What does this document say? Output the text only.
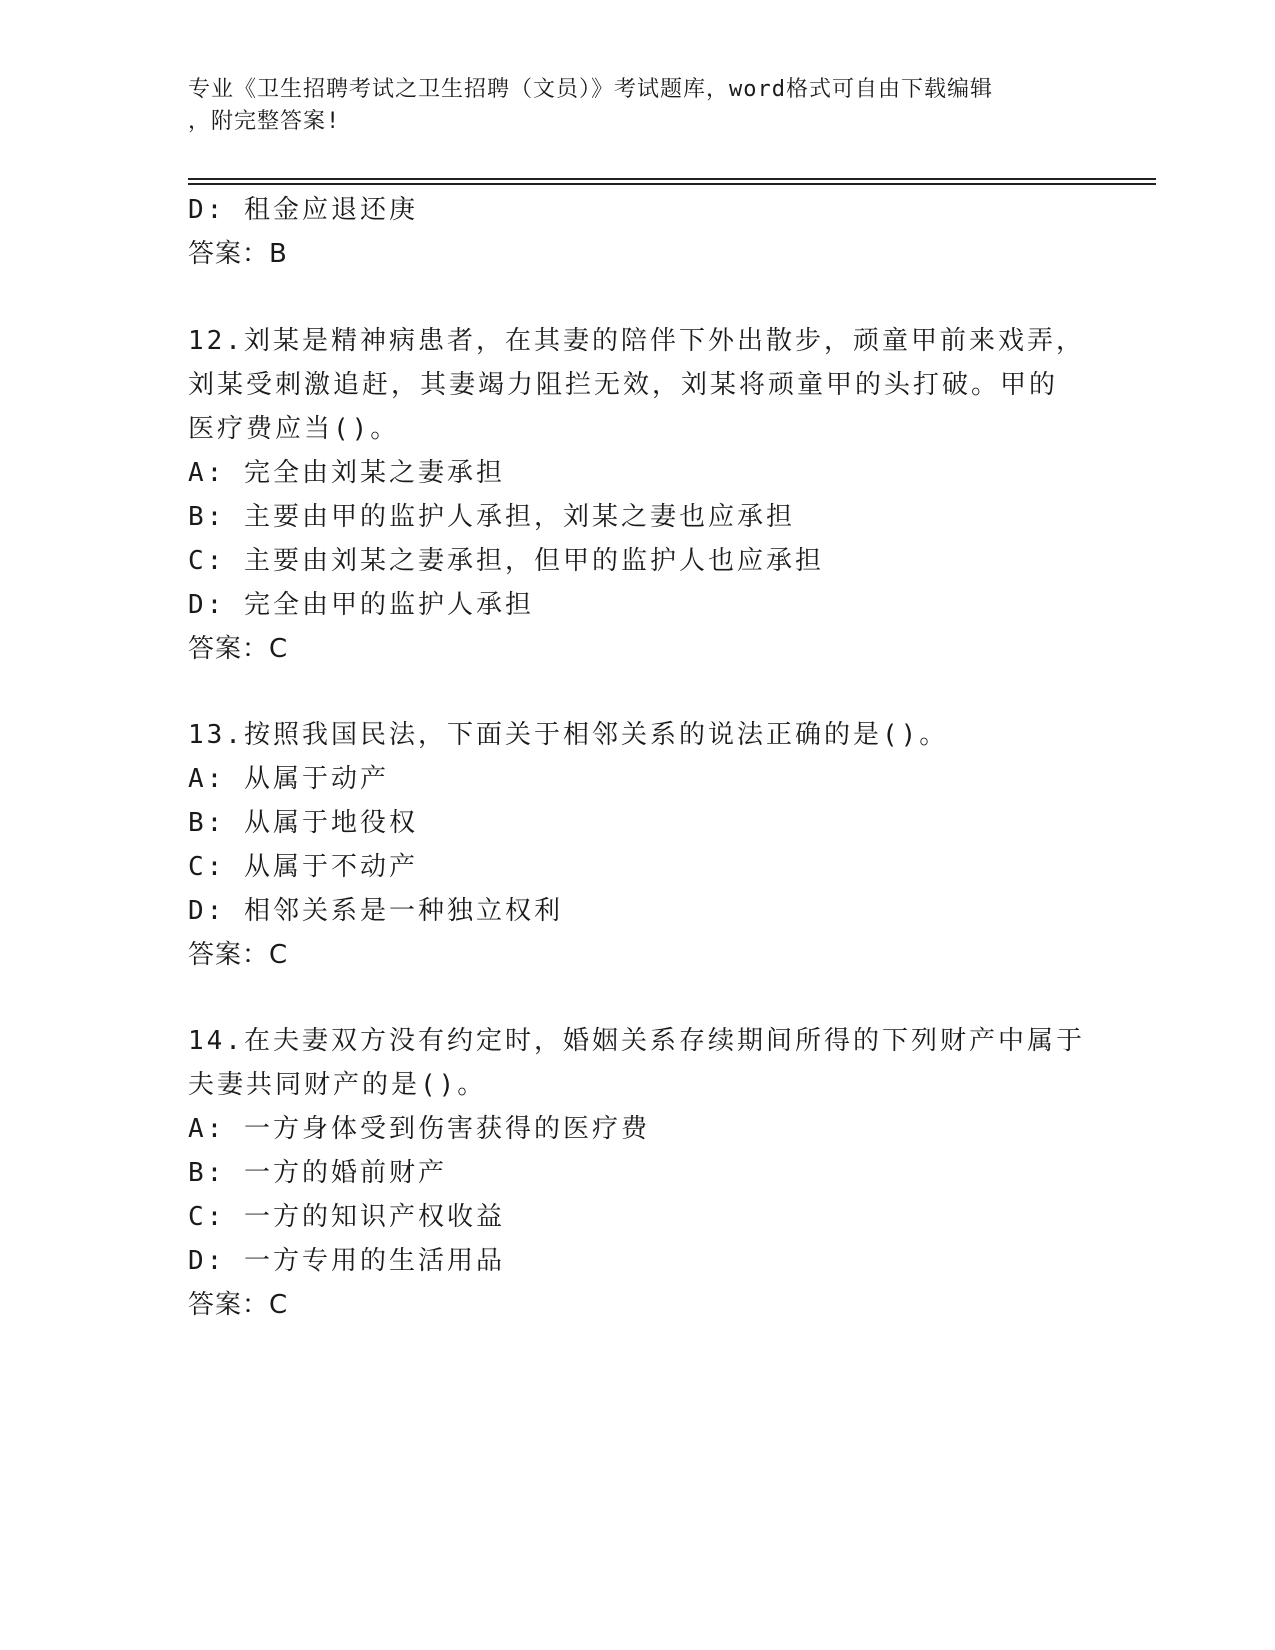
专业《卫生招聘考试之卫生招聘（文员）》考试题库，word格式可自由下载编辑
，附完整答案!
D: 租金应退还庚
答案：B
12.刘某是精神病患者，在其妻的陪伴下外出散步，顽童甲前来戏弄，
刘某受刺激追赶，其妻竭力阻拦无效，刘某将顽童甲的头打破。甲的
医疗费应当()。
A: 完全由刘某之妻承担
B: 主要由甲的监护人承担，刘某之妻也应承担
C: 主要由刘某之妻承担，但甲的监护人也应承担
D: 完全由甲的监护人承担
答案：C
13.按照我国民法，下面关于相邻关系的说法正确的是()。
A: 从属于动产
B: 从属于地役权
C: 从属于不动产
D: 相邻关系是一种独立权利
答案：C
14.在夫妻双方没有约定时，婚姻关系存续期间所得的下列财产中属于
夫妻共同财产的是()。
A: 一方身体受到伤害获得的医疗费
B: 一方的婚前财产
C: 一方的知识产权收益
D: 一方专用的生活用品
答案：C
